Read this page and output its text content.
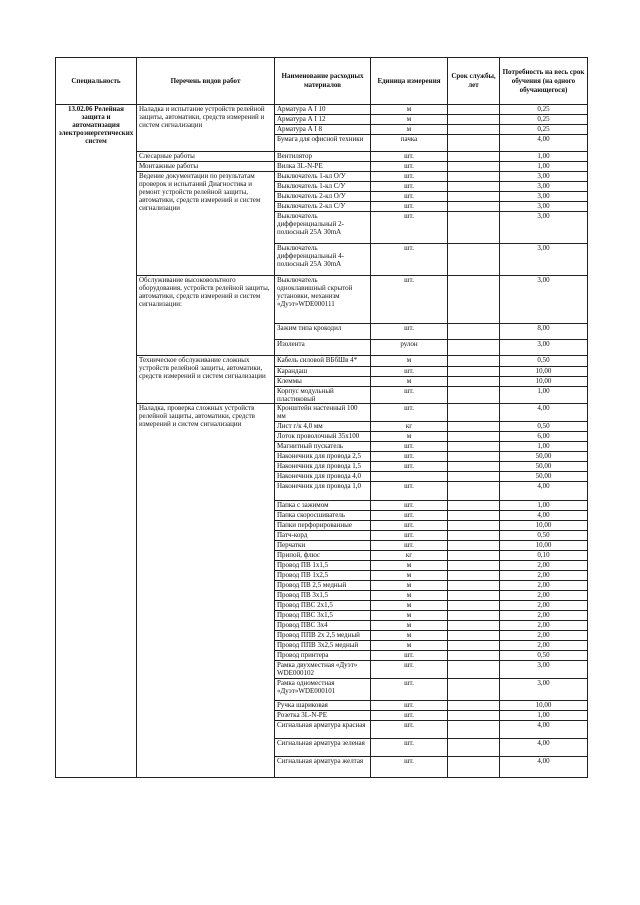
Специальность	Перечень видов работ	Наименование расходных материалов	Единица измерения	Срок службы, лет	Потребность на весь срок обучения (на одного обучающегося)
13.02.06 Релейная защита и автоматизация электроэнергетических систем	Наладка и испытание устройств релейной защиты, автоматики, средств измерений и систем сигнализации	Арматура А I 10	м		0,25
		Арматура А I 12	м		0,25
		Арматура А I 8	м		0,25
		Бумага для офисной техники	пачка		4,00
	Слесарные работы	Вентилятор	шт.		1,00
	Монтажные работы	Вилка 3L-N-PE	шт.		1,00
	Ведение документации по результатам проверок и испытаний Диагностика и ремонт устройств релейной защиты, автоматики, средств измерений и систем сигнализации	Выключатель 1-кл О/У	шт.		3,00
		Выключатель 1-кл С/У	шт.		3,00
		Выключатель 2-кл О/У	шт.		3,00
		Выключатель 2-кл С/У	шт.		3,00
		Выключатель дифференциальный 2-полюсный 25А 30mA	шт.		3,00
		Выключатель дифференциальный 4-полюсный 25А 30mA	шт.		3,00
	Обслуживание высоковольтного оборудования, устройств релейной защиты, автоматики, средств измерений и систем сигнализации:	Выключатель одноклавишный скрытой установки, механизм «Дуэт»WDE000111	шт.		3,00
		Зажим типа крокодил	шт.		8,00
		Изолента	рулон		3,00
	Техническое обслуживание сложных устройств релейной защиты, автоматики, средств измерений и систем сигнализации	Кабель силовой ВБбШв 4*	м		0,50
		Карандаш	шт.		10,00
		Клеммы	м		10,00
		Корпус модульный пластиковый	шт.		1,00
	Наладка, проверка сложных устройств релейной защиты, автоматики, средств измерений и систем сигнализации	Кронштейн настенный 100 мм	шт.		4,00
		Лист г/к 4,0 мм	кг		0,50
		Лоток проволочный 35х100	м		6,00
		Магнитный пускатель	шт.		1,00
		Наконечник для провода 2,5	шт.		50,00
		Наконечник для провода 1,5	шт.		50,00
		Наконечник для провода 4,0			50,00
		Наконечник для провода 1,0	шт.		4,00
		Папка с зажимом	шт.		1,00
		Папка скоросшиватель	шт.		4,00
		Папки перфорированные	шт.		10,00
		Патч-корд	шт.		0,50
		Перчатки	шт.		10,00
		Припой, флюс	кг		0,10
		Провод ПВ 1х1,5	м		2,00
		Провод ПВ 1х2,5	м		2,00
		Провод ПВ 2,5 медный	м		2,00
		Провод ПВ 3х1,5	м		2,00
		Провод ПВС 2х1,5	м		2,00
		Провод ПВС 3х1,5	м		2,00
		Провод ПВС 3х4	м		2,00
		Провод ППВ 2х 2,5 медный	м		2,00
		Провод ППВ 3х2,5 медный	м		2,00
		Провод принтера	шт.		0,50
		Рамка двухместная «Дуэт» WDE000102	шт.		3,00
		Рамка одноместная «Дуэт»WDE000101	шт.		3,00
		Ручка шариковая	шт.		10,00
		Розетка 3L-N-PE	шт.		1,00
		Сигнальная арматура красная	шт.		4,00
		Сигнальная арматура зеленая	шт.		4,00
		Сигнальная арматура желтая	шт.		4,00
